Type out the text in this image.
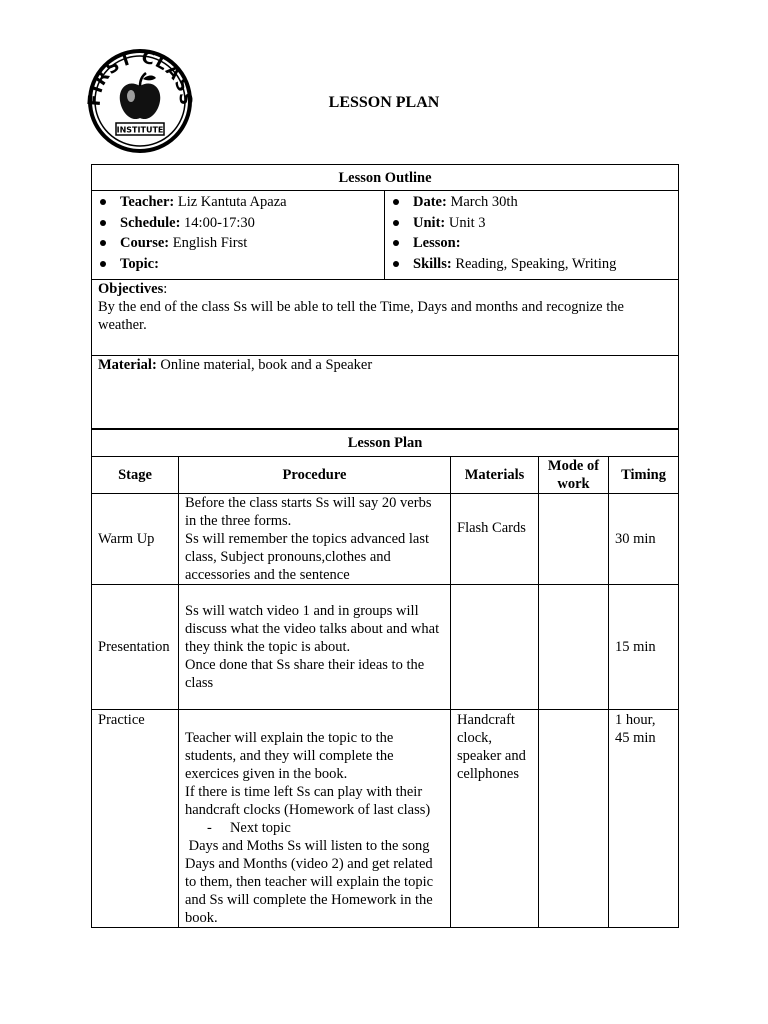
FIRST CLASS
INSTITUTE
LESSON PLAN
Lesson Outline

Teacher: Liz Kantuta Apaza
Schedule: 14:00-17:30
Course: English First
Topic:

Date: March 30th
Unit: Unit 3
Lesson:
Skills: Reading, Speaking, Writing

Objectives:
By the end of the class Ss will be able to tell the Time, Days and months and recognize the weather.

Material: Online material, book and a Speaker
Lesson Plan				
Stage	Procedure	Materials	Mode of work	Timing
Warm Up	Before the class starts Ss will say 20 verbs in the three forms.
Ss will remember the topics advanced last class, Subject pronouns,clothes and accessories and the sentence	Flash Cards		30 min
Presentation	Ss will watch video 1 and in groups will discuss what the video talks about and what they think the topic is about.
Once done that Ss share their ideas to the class			15 min
Practice	Teacher will explain the topic to the students, and they will complete the exercices given in the book.
If there is time left Ss can play with their handcraft clocks (Homework of last class)
-     Next topic
Days and Moths Ss will listen to the song Days and Months (video 2) and get related to them, then teacher will explain the topic and Ss will complete the Homework in the book.	Handcraft clock, speaker and cellphones		1 hour, 45 min
